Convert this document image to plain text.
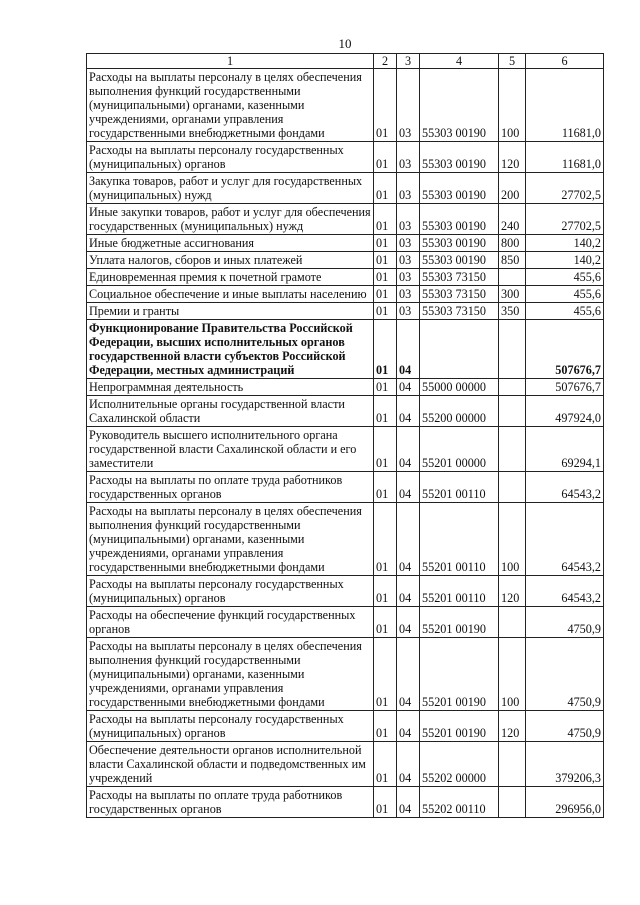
10
1	2	3	4	5	6
Расходы на выплаты персоналу в целях обеспечения выполнения функций государственными (муниципальными) органами, казенными учреждениями, органами управления государственными внебюджетными фондами	01	03	55303 00190	100	11681,0
Расходы на выплаты персоналу государственных (муниципальных) органов	01	03	55303 00190	120	11681,0
Закупка товаров, работ и услуг для государственных (муниципальных) нужд	01	03	55303 00190	200	27702,5
Иные закупки товаров, работ и услуг для обеспечения государственных (муниципальных) нужд	01	03	55303 00190	240	27702,5
Иные бюджетные ассигнования	01	03	55303 00190	800	140,2
Уплата налогов, сборов и иных платежей	01	03	55303 00190	850	140,2
Единовременная премия к почетной грамоте	01	03	55303 73150		455,6
Социальное обеспечение и иные выплаты населению	01	03	55303 73150	300	455,6
Премии и гранты	01	03	55303 73150	350	455,6
Функционирование Правительства Российской Федерации, высших исполнительных органов государственной власти субъектов Российской Федерации, местных администраций	01	04			507676,7
Непрограммная деятельность	01	04	55000 00000		507676,7
Исполнительные органы государственной власти Сахалинской области	01	04	55200 00000		497924,0
Руководитель высшего исполнительного органа государственной власти Сахалинской области и его заместители	01	04	55201 00000		69294,1
Расходы на выплаты по оплате труда работников государственных органов	01	04	55201 00110		64543,2
Расходы на выплаты персоналу в целях обеспечения выполнения функций государственными (муниципальными) органами, казенными учреждениями, органами управления государственными внебюджетными фондами	01	04	55201 00110	100	64543,2
Расходы на выплаты персоналу государственных (муниципальных) органов	01	04	55201 00110	120	64543,2
Расходы на обеспечение функций государственных органов	01	04	55201 00190		4750,9
Расходы на выплаты персоналу в целях обеспечения выполнения функций государственными (муниципальными) органами, казенными учреждениями, органами управления государственными внебюджетными фондами	01	04	55201 00190	100	4750,9
Расходы на выплаты персоналу государственных (муниципальных) органов	01	04	55201 00190	120	4750,9
Обеспечение деятельности органов исполнительной власти Сахалинской области и подведомственных им учреждений	01	04	55202 00000		379206,3
Расходы на выплаты по оплате труда работников государственных органов	01	04	55202 00110		296956,0
